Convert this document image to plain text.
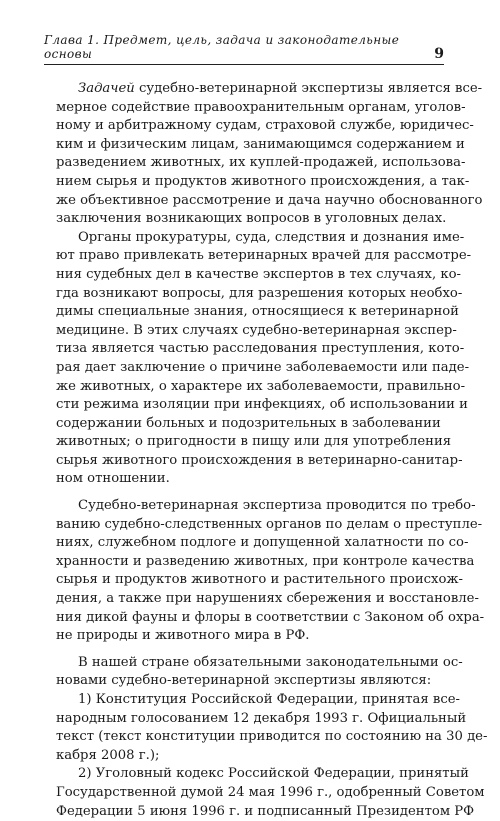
Глава 1. Предмет, цель, задача и законодательные основы	9
Задачей судебно-ветеринарной экспертизы является все-
мерное содействие правоохранительным органам, уголов-
ному и арбитражному судам, страховой службе, юридичес-
ким и физическим лицам, занимающимся содержанием и
разведением животных, их куплей-продажей, использова-
нием сырья и продуктов животного происхождения, а так-
же объективное рассмотрение и дача научно обоснованного
заключения возникающих вопросов в уголовных делах.
Органы прокуратуры, суда, следствия и дознания име-
ют право привлекать ветеринарных врачей для рассмотре-
ния судебных дел в качестве экспертов в тех случаях, ко-
гда возникают вопросы, для разрешения которых необхо-
димы специальные знания, относящиеся к ветеринарной
медицине. В этих случаях судебно-ветеринарная экспер-
тиза является частью расследования преступления, кото-
рая дает заключение о причине заболеваемости или паде-
же животных, о характере их заболеваемости, правильно-
сти режима изоляции при инфекциях, об использовании и
содержании больных и подозрительных в заболевании
животных; о пригодности в пищу или для употребления
сырья животного происхождения в ветеринарно-санитар-
ном отношении.
Судебно-ветеринарная экспертиза проводится по требо-
ванию судебно-следственных органов по делам о преступле-
ниях, служебном подлоге и допущенной халатности по со-
хранности и разведению животных, при контроле качества
сырья и продуктов животного и растительного происхож-
дения, а также при нарушениях сбережения и восстановле-
ния дикой фауны и флоры в соответствии с Законом об охра-
не природы и животного мира в РФ.
В нашей стране обязательными законодательными ос-
новами судебно-ветеринарной экспертизы являются:
1) Конституция Российской Федерации, принятая все-
народным голосованием 12 декабря 1993 г. Официальный
текст (текст конституции приводится по состоянию на 30 де-
кабря 2008 г.);
2) Уголовный кодекс Российской Федерации, принятый
Государственной думой 24 мая 1996 г., одобренный Советом
Федерации 5 июня 1996 г. и подписанный Президентом РФ
